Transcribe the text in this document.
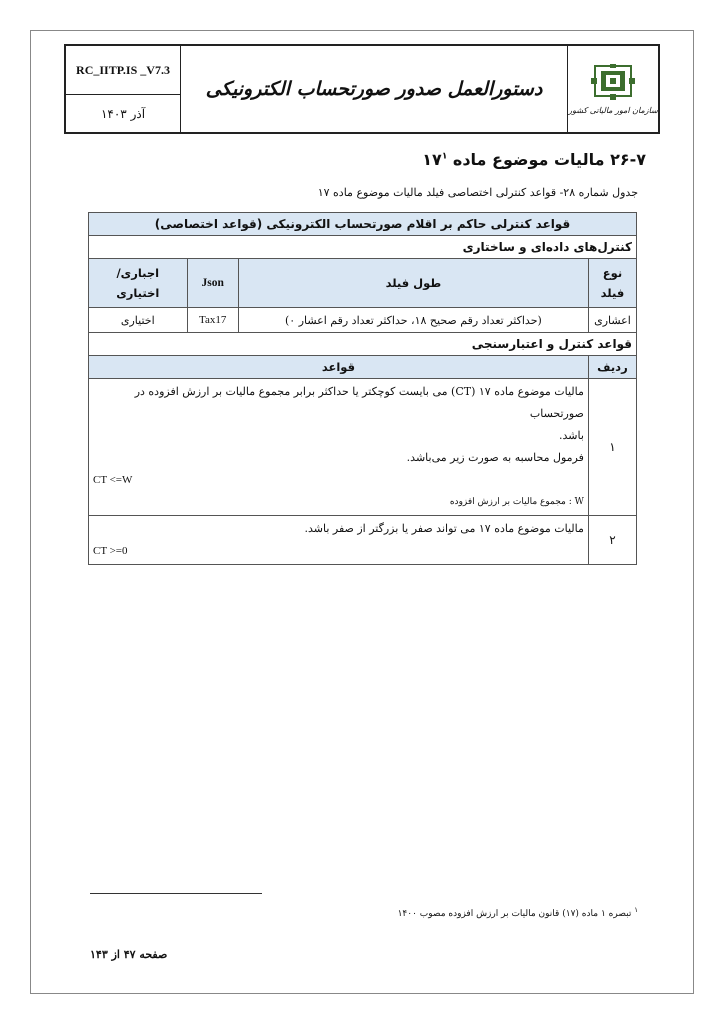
RC_IITP.IS _V7.3
آذر ۱۴۰۳
دستورالعمل صدور صورتحساب الکترونیکی
سازمان امور مالیاتی کشور
۲۶-۷ مالیات موضوع ماده $۱۷^۱$
جدول شماره ۲۸- قواعد کنترلی اختصاصی فیلد مالیات موضوع ماده ۱۷
قواعد کنترلی حاکم بر اقلام صورتحساب الکترونیکی (قواعد اختصاصی)			
کنترل‌های داده‌ای و ساختاری			
نوع فیلد	طول فیلد	Json	اجباری/ اختیاری
اعشاری	(حداکثر تعداد رقم صحیح ۱۸، حداکثر تعداد رقم اعشار ۰)	Tax17	اختیاری
قواعد کنترل و اعتبارسنجی			
ردیف	قواعد		
۱	مالیات موضوع ماده ۱۷ (CT) می بایست کوچکتر یا حداکثر برابر مجموع مالیات بر ارزش افزوده در صورتحساب
باشد.
فرمول محاسبه به صورت زیر می‌باشد.
CT <=W
W : مجموع مالیات بر ارزش افزوده		

۲	مالیات موضوع ماده ۱۷ می تواند صفر یا بزرگتر از صفر باشد.
CT >=0		
$^۱$ تبصره ۱ ماده (۱۷) قانون مالیات بر ارزش افزوده مصوب ۱۴۰۰
صفحه ۴۷ از ۱۴۳
